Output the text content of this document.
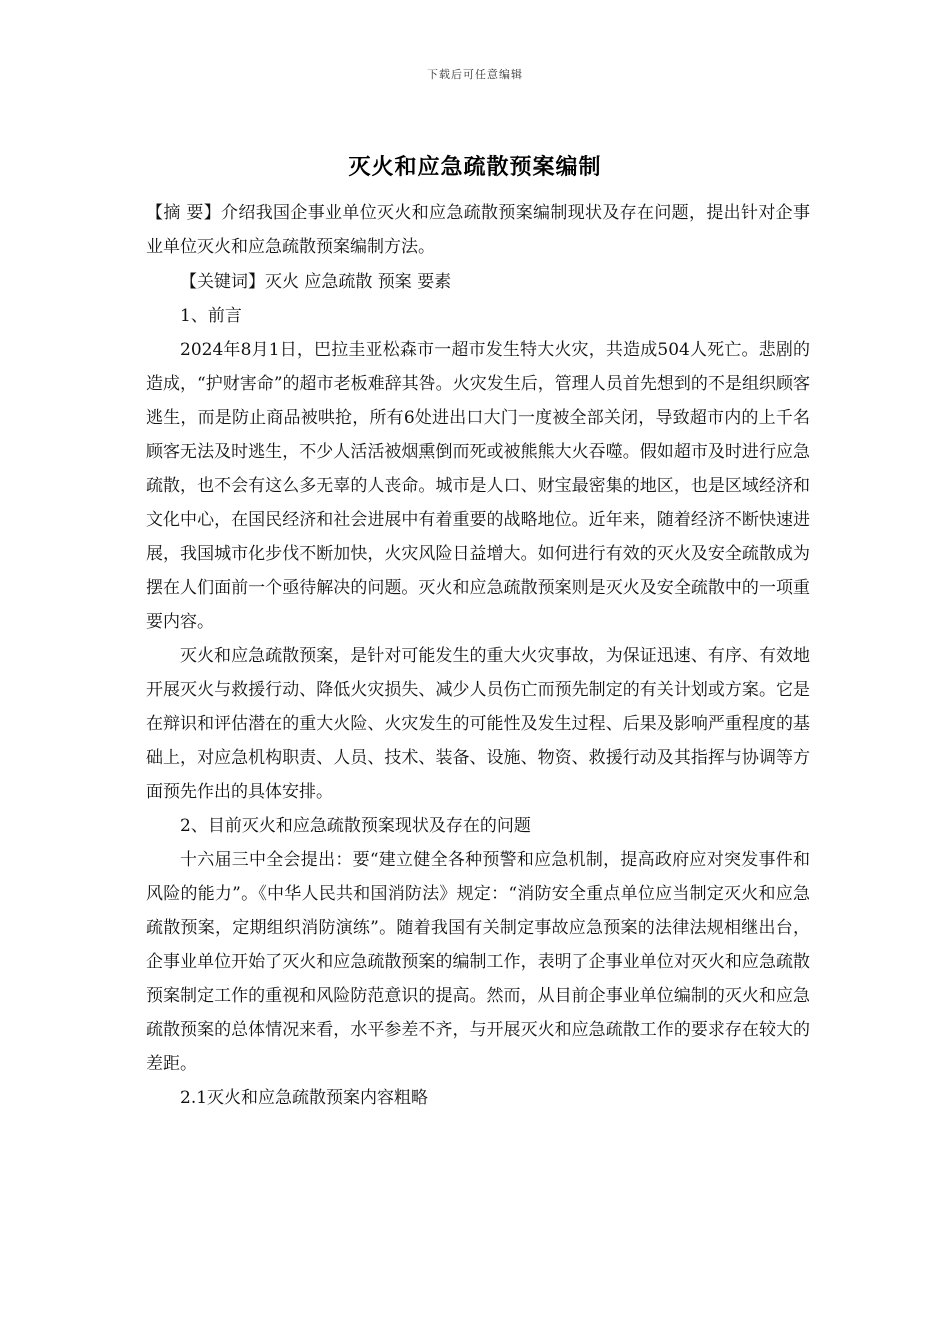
下载后可任意编辑
灭火和应急疏散预案编制

【摘 要】介绍我国企事业单位灭火和应急疏散预案编制现状及存在问题，提出针对企事业单位灭火和应急疏散预案编制方法。

【关键词】灭火 应急疏散 预案 要素

1、前言

2024年8月1日，巴拉圭亚松森市一超市发生特大火灾，共造成504人死亡。悲剧的造成，“护财害命”的超市老板难辞其咎。火灾发生后，管理人员首先想到的不是组织顾客逃生，而是防止商品被哄抢，所有6处进出口大门一度被全部关闭，导致超市内的上千名顾客无法及时逃生，不少人活活被烟熏倒而死或被熊熊大火吞噬。假如超市及时进行应急疏散，也不会有这么多无辜的人丧命。城市是人口、财宝最密集的地区，也是区域经济和文化中心，在国民经济和社会进展中有着重要的战略地位。近年来，随着经济不断快速进展，我国城市化步伐不断加快，火灾风险日益增大。如何进行有效的灭火及安全疏散成为摆在人们面前一个亟待解决的问题。灭火和应急疏散预案则是灭火及安全疏散中的一项重要内容。

灭火和应急疏散预案，是针对可能发生的重大火灾事故，为保证迅速、有序、有效地开展灭火与救援行动、降低火灾损失、减少人员伤亡而预先制定的有关计划或方案。它是在辩识和评估潜在的重大火险、火灾发生的可能性及发生过程、后果及影响严重程度的基础上，对应急机构职责、人员、技术、装备、设施、物资、救援行动及其指挥与协调等方面预先作出的具体安排。

2、目前灭火和应急疏散预案现状及存在的问题

十六届三中全会提出：要“建立健全各种预警和应急机制，提高政府应对突发事件和风险的能力”。《中华人民共和国消防法》规定：“消防安全重点单位应当制定灭火和应急疏散预案，定期组织消防演练”。随着我国有关制定事故应急预案的法律法规相继出台，企事业单位开始了灭火和应急疏散预案的编制工作，表明了企事业单位对灭火和应急疏散预案制定工作的重视和风险防范意识的提高。然而，从目前企事业单位编制的灭火和应急疏散预案的总体情况来看，水平参差不齐，与开展灭火和应急疏散工作的要求存在较大的差距。

2.1灭火和应急疏散预案内容粗略
